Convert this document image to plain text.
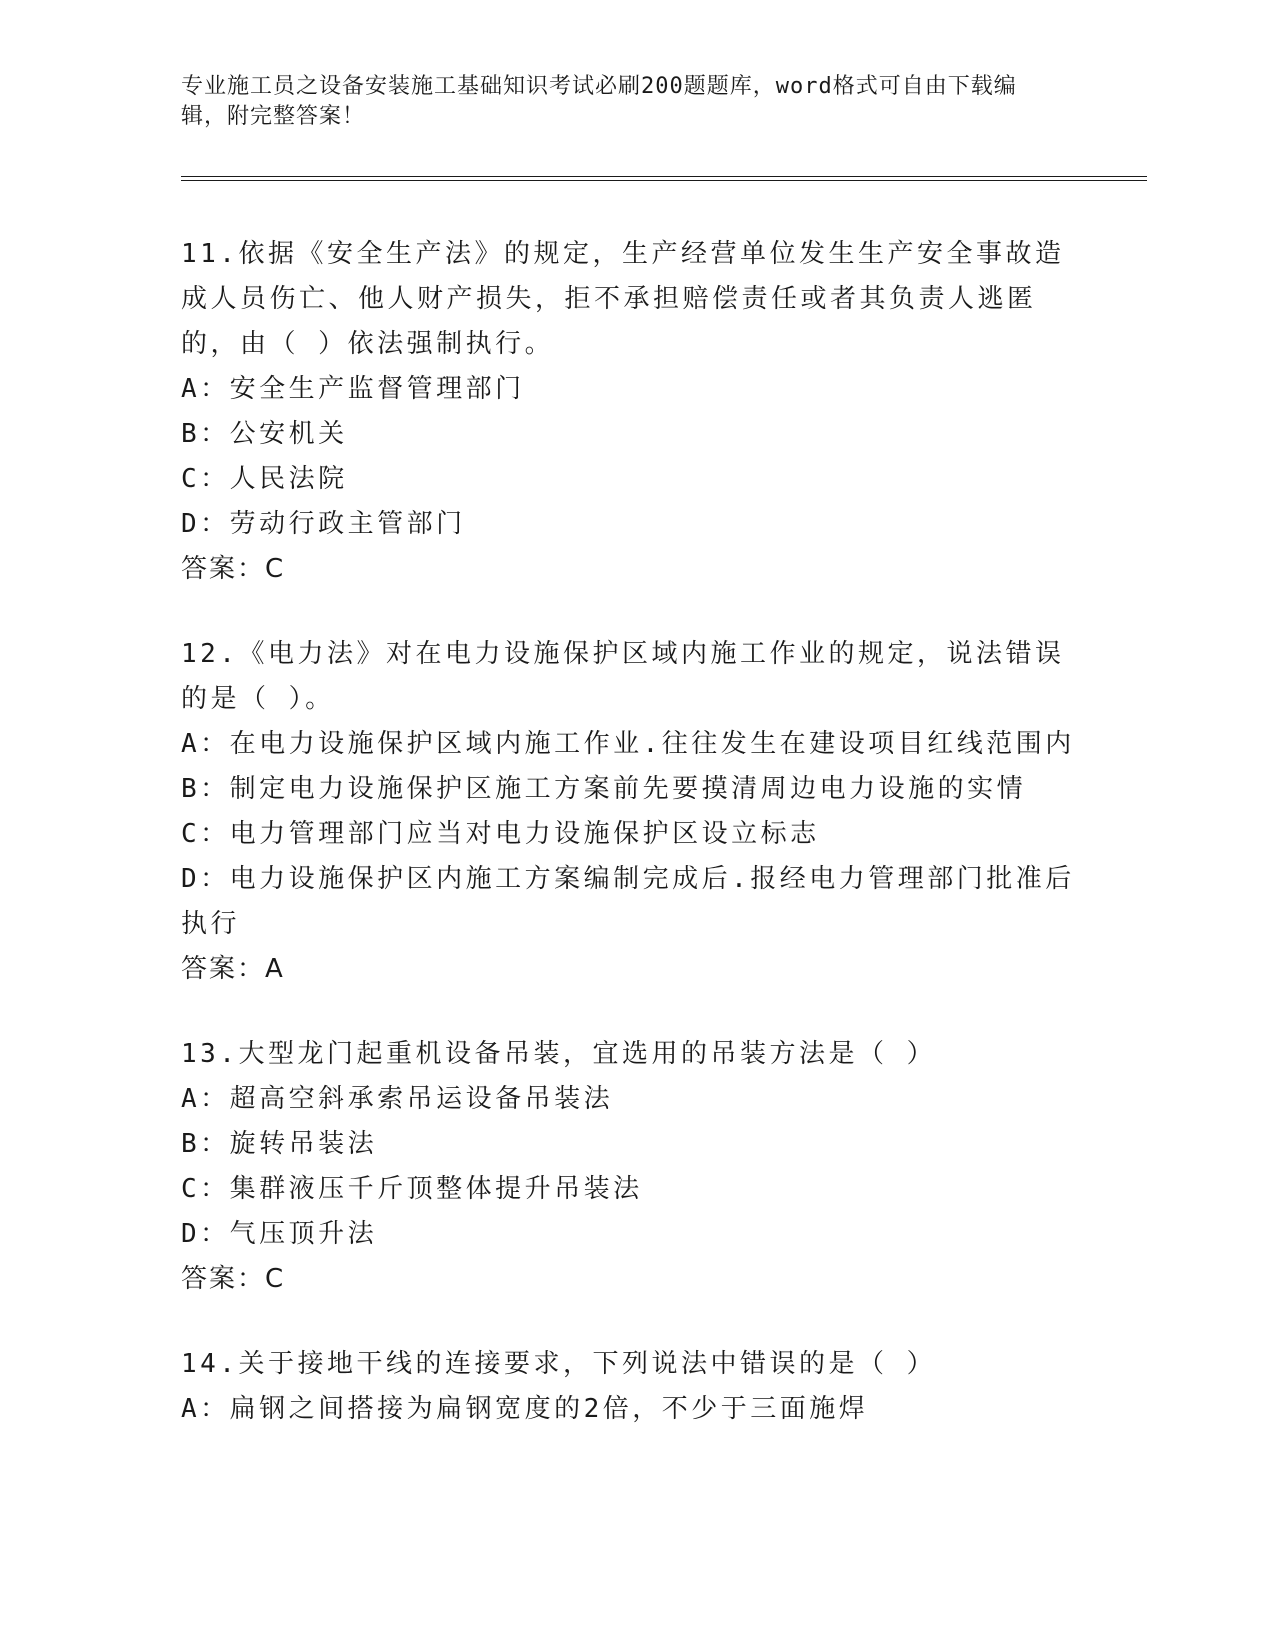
专业施工员之设备安装施工基础知识考试必刷200题题库，word格式可自由下载编辑，附完整答案！
11.依据《安全生产法》的规定，生产经营单位发生生产安全事故造成人员伤亡、他人财产损失，拒不承担赔偿责任或者其负责人逃匿的，由（ ）依法强制执行。
A： 安全生产监督管理部门
B： 公安机关
C： 人民法院
D： 劳动行政主管部门
答案：C
12.《电力法》对在电力设施保护区域内施工作业的规定，说法错误的是（ ）。
A： 在电力设施保护区域内施工作业.往往发生在建设项目红线范围内
B： 制定电力设施保护区施工方案前先要摸清周边电力设施的实情
C： 电力管理部门应当对电力设施保护区设立标志
D：电力设施保护区内施工方案编制完成后.报经电力管理部门批准后执行
答案：A
13.大型龙门起重机设备吊装，宜选用的吊装方法是（ ）
A： 超高空斜承索吊运设备吊装法
B： 旋转吊装法
C： 集群液压千斤顶整体提升吊装法
D： 气压顶升法
答案：C
14.关于接地干线的连接要求，下列说法中错误的是（ ）
A： 扁钢之间搭接为扁钢宽度的2倍，不少于三面施焊
